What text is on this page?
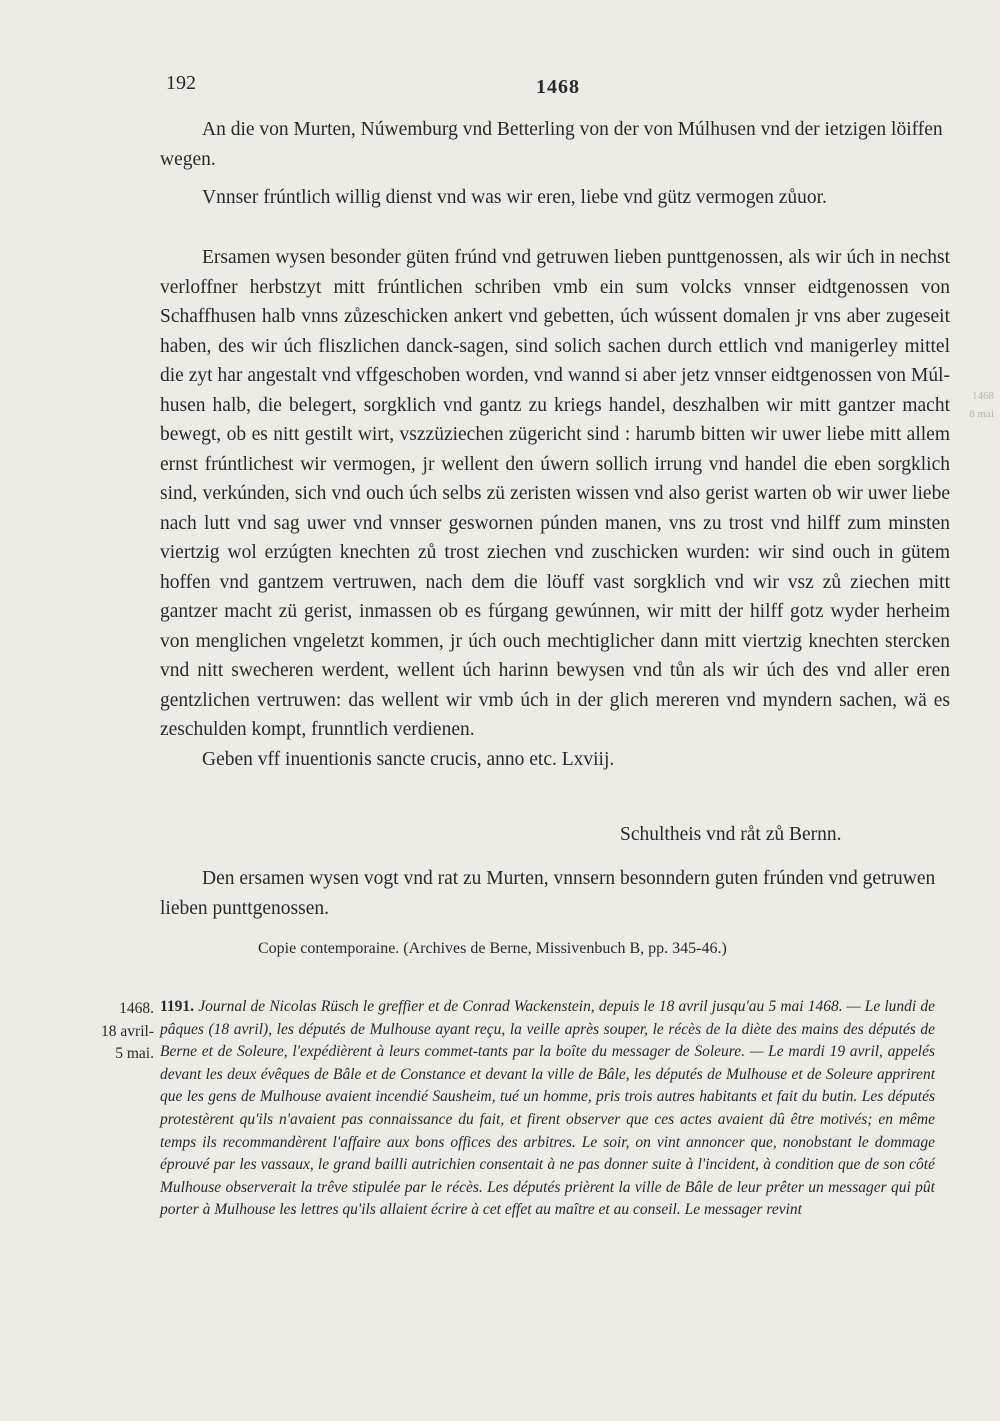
192	1468

An die von Murten, Núwemburg vnd Betterling von der von Múlhusen vnd der ietzigen löiffen wegen.

Vnnser frúntlich willig dienst vnd was wir eren, liebe vnd gütz vermogen zůuor.

Ersamen wysen besonder güten frúnd vnd getruwen lieben punttgenossen, als wir úch in nechst verloffner herbstzyt mitt frúntlichen schriben vmb ein sum volcks vnnser eidtgenossen von Schaffhusen halb vnns zůzeschicken ankert vnd gebetten, úch wússent domalen jr vns aber zugeseit haben, des wir úch fliszlichen danck-sagen, sind solich sachen durch ettlich vnd manigerley mittel die zyt har angestalt vnd vffgeschoben worden, vnd wannd si aber jetz vnnser eidtgenossen von Múl-husen halb, die belegert, sorgklich vnd gantz zu kriegs handel, deszhalben wir mitt gantzer macht bewegt, ob es nitt gestilt wirt, vszzüziechen zügericht sind : harumb bitten wir uwer liebe mitt allem ernst frúntlichest wir vermogen, jr wellent den úwern sollich irrung vnd handel die eben sorgklich sind, verkúnden, sich vnd ouch úch selbs zü zeristen wissen vnd also gerist warten ob wir uwer liebe nach lutt vnd sag uwer vnd vnnser geswornen púnden manen, vns zu trost vnd hilff zum minsten viertzig wol erzúgten knechten zů trost ziechen vnd zuschicken wurden: wir sind ouch in gütem hoffen vnd gantzem vertruwen, nach dem die löuff vast sorgklich vnd wir vsz zů ziechen mitt gantzer macht zü gerist, inmassen ob es fúrgang gewúnnen, wir mitt der hilff gotz wyder herheim von menglichen vngeletzt kommen, jr úch ouch mechtiglicher dann mitt viertzig knechten stercken vnd nitt swecheren werdent, wellent úch harinn bewysen vnd tůn als wir úch des vnd aller eren gentzlichen vertruwen: das wellent wir vmb úch in der glich mereren vnd myndern sachen, wä es zeschulden kompt, frunntlich verdienen.

Geben vff inuentionis sancte crucis, anno etc. Lxviij.

Schultheis vnd råt zů Bernn.

Den ersamen wysen vogt vnd rat zu Murten, vnnsern besonndern guten frúnden vnd getruwen lieben punttgenossen.

Copie contemporaine. (Archives de Berne, Missivenbuch B, pp. 345-46.)
1468.
18 avril-
5 mai.
1191. Journal de Nicolas Rüsch le greffier et de Conrad Wackenstein, depuis le 18 avril jusqu'au 5 mai 1468. — Le lundi de pâques (18 avril), les députés de Mulhouse ayant reçu, la veille après souper, le récès de la diète des mains des députés de Berne et de Soleure, l'expédièrent à leurs commet-tants par la boîte du messager de Soleure. — Le mardi 19 avril, appelés devant les deux évêques de Bâle et de Constance et devant la ville de Bâle, les députés de Mulhouse et de Soleure apprirent que les gens de Mulhouse avaient incendié Sausheim, tué un homme, pris trois autres habitants et fait du butin. Les députés protestèrent qu'ils n'avaient pas connaissance du fait, et firent observer que ces actes avaient dû être motivés; en même temps ils recommandèrent l'affaire aux bons offices des arbitres. Le soir, on vint annoncer que, nonobstant le dommage éprouvé par les vassaux, le grand bailli autrichien consentait à ne pas donner suite à l'incident, à condition que de son côté Mulhouse observerait la trêve stipulée par le récès. Les députés prièrent la ville de Bâle de leur prêter un messager qui pût porter à Mulhouse les lettres qu'ils allaient écrire à cet effet au maître et au conseil. Le messager revint
1468
8 mai
